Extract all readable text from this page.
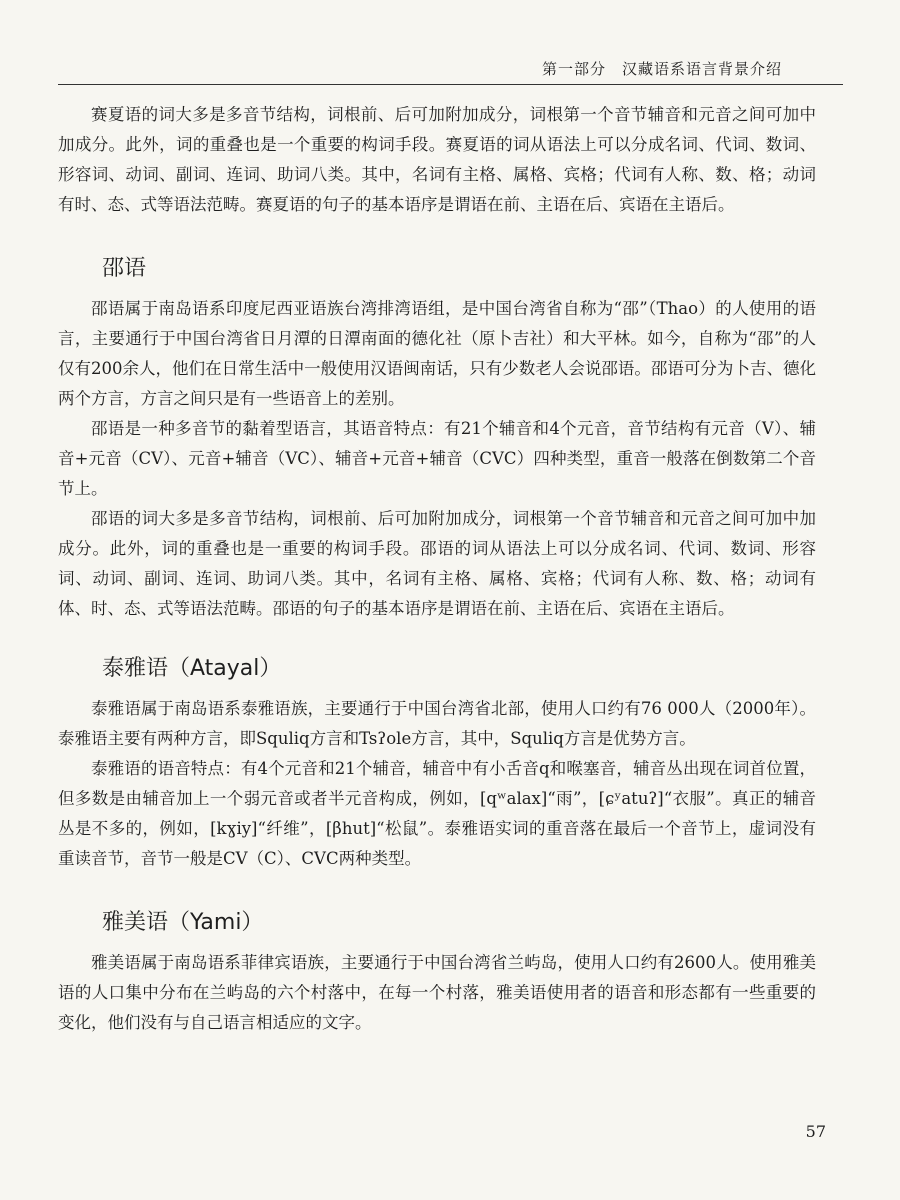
第一部分　汉藏语系语言背景介绍

赛夏语的词大多是多音节结构，词根前、后可加附加成分，词根第一个音节辅音和元音之间可加中加成分。此外，词的重叠也是一个重要的构词手段。赛夏语的词从语法上可以分成名词、代词、数词、形容词、动词、副词、连词、助词八类。其中，名词有主格、属格、宾格；代词有人称、数、格；动词有时、态、式等语法范畴。赛夏语的句子的基本语序是谓语在前、主语在后、宾语在主语后。

邵语

邵语属于南岛语系印度尼西亚语族台湾排湾语组，是中国台湾省自称为“邵”（Thao）的人使用的语言，主要通行于中国台湾省日月潭的日潭南面的德化社（原卜吉社）和大平林。如今，自称为“邵”的人仅有200余人，他们在日常生活中一般使用汉语闽南话，只有少数老人会说邵语。邵语可分为卜吉、德化两个方言，方言之间只是有一些语音上的差别。

邵语是一种多音节的黏着型语言，其语音特点：有21个辅音和4个元音，音节结构有元音（V）、辅音+元音（CV）、元音+辅音（VC）、辅音+元音+辅音（CVC）四种类型，重音一般落在倒数第二个音节上。

邵语的词大多是多音节结构，词根前、后可加附加成分，词根第一个音节辅音和元音之间可加中加成分。此外，词的重叠也是一重要的构词手段。邵语的词从语法上可以分成名词、代词、数词、形容词、动词、副词、连词、助词八类。其中，名词有主格、属格、宾格；代词有人称、数、格；动词有体、时、态、式等语法范畴。邵语的句子的基本语序是谓语在前、主语在后、宾语在主语后。

泰雅语（Atayal）

泰雅语属于南岛语系泰雅语族，主要通行于中国台湾省北部，使用人口约有76 000人（2000年）。泰雅语主要有两种方言，即Squliq方言和Tsʔole方言，其中，Squliq方言是优势方言。

泰雅语的语音特点：有4个元音和21个辅音，辅音中有小舌音q和喉塞音，辅音丛出现在词首位置，但多数是由辅音加上一个弱元音或者半元音构成，例如，[qʷalax]“雨”，[ɕʸatuʔ]“衣服”。真正的辅音丛是不多的，例如，[kɣiy]“纤维”，[βhut]“松鼠”。泰雅语实词的重音落在最后一个音节上，虚词没有重读音节，音节一般是CV（C）、CVC两种类型。

雅美语（Yami）

雅美语属于南岛语系菲律宾语族，主要通行于中国台湾省兰屿岛，使用人口约有2600人。使用雅美语的人口集中分布在兰屿岛的六个村落中，在每一个村落，雅美语使用者的语音和形态都有一些重要的变化，他们没有与自己语言相适应的文字。

57
